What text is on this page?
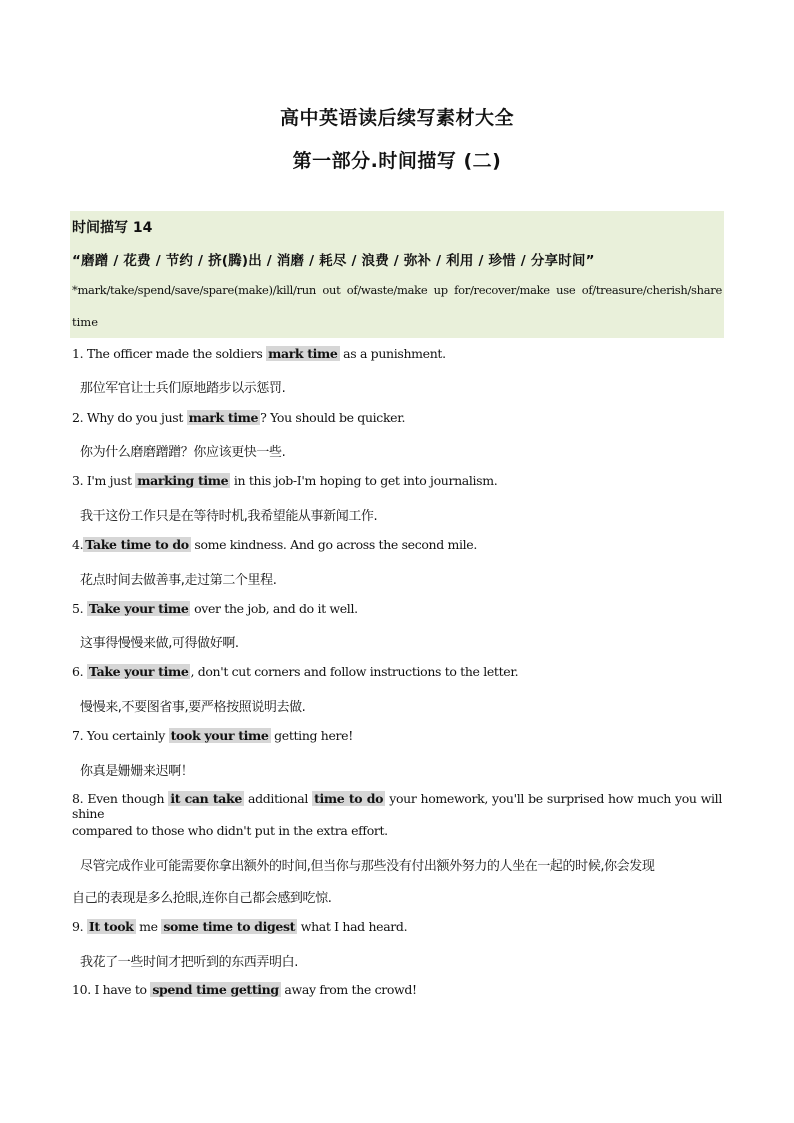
高中英语读后续写素材大全
第一部分.时间描写 (二)
时间描写 14
“磨蹭 / 花费 / 节约 / 挤(腾)出 / 消磨 / 耗尽 / 浪费 / 弥补 / 利用 / 珍惜 / 分享时间”
*mark/take/spend/save/spare(make)/kill/run out of/waste/make up for/recover/make use of/treasure/cherish/share
time
1. The officer made the soldiers mark time as a punishment.
那位军官让士兵们原地踏步以示惩罚.
2. Why do you just mark time ? You should be quicker.
你为什么磨磨蹭蹭？你应该更快一些.
3. I'm just marking time in this job-I'm hoping to get into journalism.
我干这份工作只是在等待时机,我希望能从事新闻工作.
4. Take time to do some kindness. And go across the second mile.
花点时间去做善事,走过第二个里程.
5. Take your time over the job, and do it well.
这事得慢慢来做,可得做好啊.
6. Take your time , don't cut corners and follow instructions to the letter.
慢慢来,不要图省事,要严格按照说明去做.
7. You certainly took your time getting here!
你真是姗姗来迟啊！
8. Even though it can take additional time to do your homework, you'll be surprised how much you will shine
compared to those who didn't put in the extra effort.
尽管完成作业可能需要你拿出额外的时间,但当你与那些没有付出额外努力的人坐在一起的时候,你会发现
自己的表现是多么抢眼,连你自己都会感到吃惊.
9. It took me some time to digest what I had heard.
我花了一些时间才把听到的东西弄明白.
10. I have to spend time getting away from the crowd!
